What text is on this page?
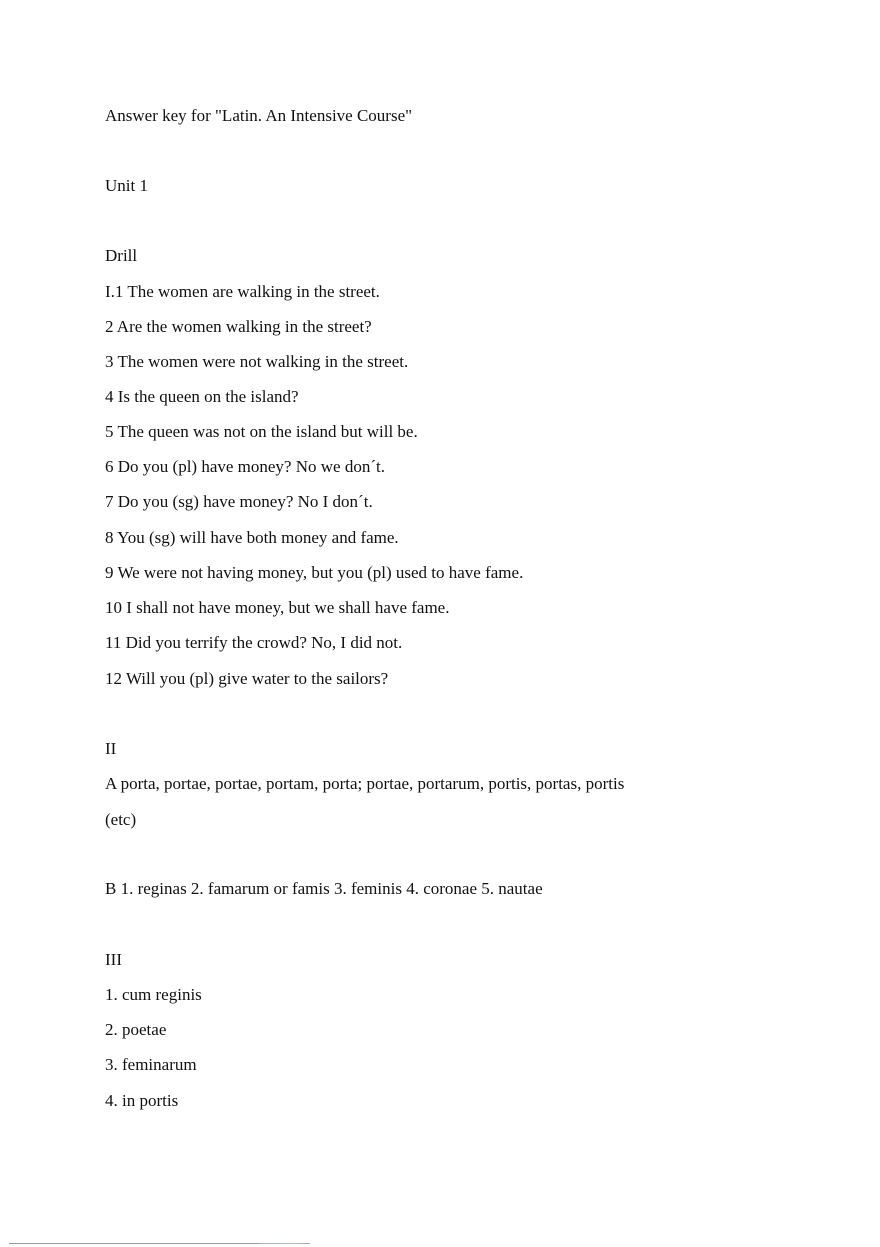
Answer key for "Latin. An Intensive Course"
Unit 1
Drill
I.1 The women are walking in the street.
2 Are the women walking in the street?
3 The women were not walking in the street.
4 Is the queen on the island?
5 The queen was not on the island but will be.
6 Do you (pl) have money? No we don´t.
7 Do you (sg) have money? No I don´t.
8 You (sg) will have both money and fame.
9 We were not having money, but you (pl) used to have fame.
10 I shall not have money, but we shall have fame.
11 Did you terrify the crowd? No, I did not.
12 Will you (pl) give water to the sailors?
II
A porta, portae, portae, portam, porta; portae, portarum, portis, portas, portis
(etc)
B 1. reginas 2. famarum or famis 3. feminis 4. coronae 5. nautae
III
1. cum reginis
2. poetae
3. feminarum
4. in portis
